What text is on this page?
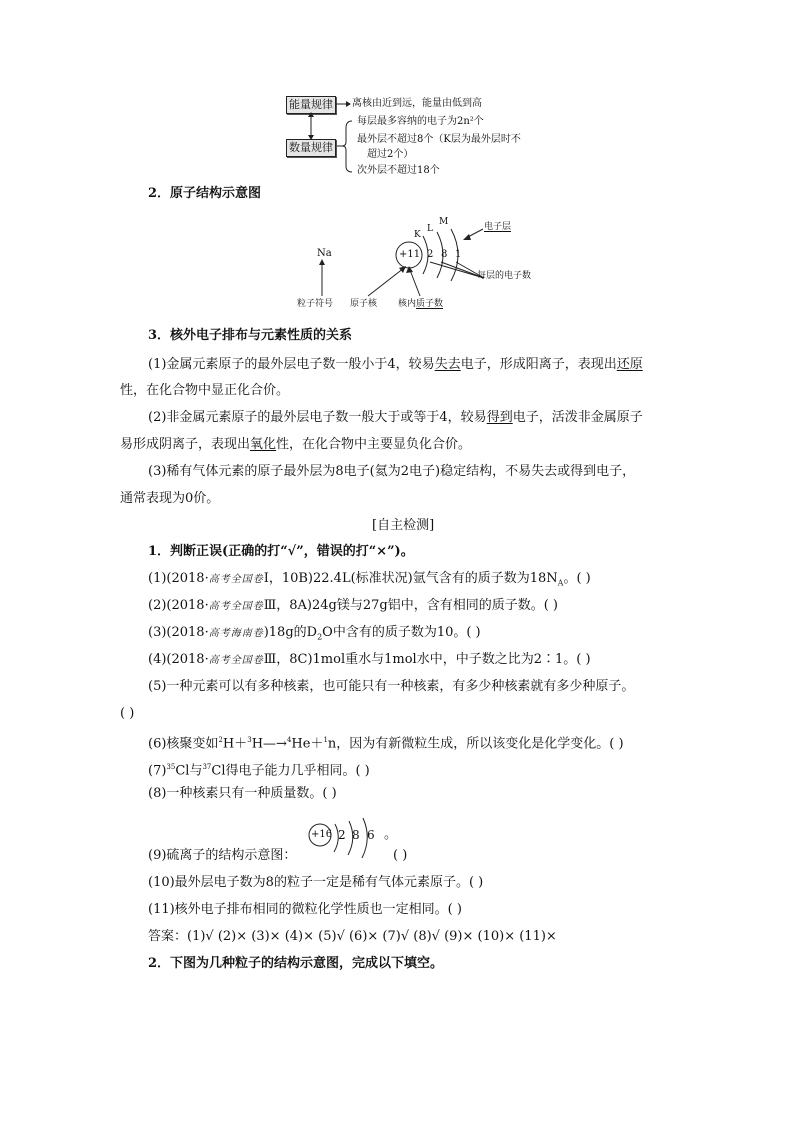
能量规律	离核由近到远，能量由低到高
数量规律
每层最多容纳的电子为2n²个
最外层不超过8个（K层为最外层时不
超过2个）
次外层不超过18个
2．原子结构示意图
Na	+11 2 8 1
K
L
M	电子层
每层的电子数
粒子符号 原子核 核内质子数
3．核外电子排布与元素性质的关系
(1)金属元素原子的最外层电子数一般小于4，较易失去电子，形成阳离子，表现出还原
性，在化合物中显正化合价。
(2)非金属元素原子的最外层电子数一般大于或等于4，较易得到电子，活泼非金属原子
易形成阴离子，表现出氧化性，在化合物中主要显负化合价。
(3)稀有气体元素的原子最外层为8电子(氦为2电子)稳定结构，不易失去或得到电子，
通常表现为0价。
[自主检测]
1．判断正误(正确的打“√”，错误的打“×”)。
(1)(2018·高考全国卷Ⅰ，10B)22.4L(标准状况)氩气含有的质子数为$18N_A$。( )
(2)(2018·高考全国卷Ⅲ，8A)24g镁与27g铝中，含有相同的质子数。( )
(3)(2018·高考海南卷)18g的$D_2O$中含有的质子数为10。( )
(4)(2018·高考全国卷Ⅲ，8C)1mol重水与1mol水中，中子数之比为2∶1。( )
(5)一种元素可以有多种核素，也可能只有一种核素，有多少种核素就有多少种原子。
( )
(6)核聚变如$^2$H＋$^3$H—→$^4$He＋$^1$n，因为有新微粒生成，所以该变化是化学变化。( )
$(7)^{35}Cl$与$^{37}$Cl得电子能力几乎相同。( )
(8)一种核素只有一种质量数。( )
+16 2 8 6 。
(9)硫离子的结构示意图：	( )
(10)最外层电子数为8的粒子一定是稀有气体元素原子。( )
(11)核外电子排布相同的微粒化学性质也一定相同。( )
答案：(1)√ (2)× (3)× (4)× (5)√ (6)× (7)√ (8)√ (9)× (10)× (11)×
2．下图为几种粒子的结构示意图，完成以下填空。
